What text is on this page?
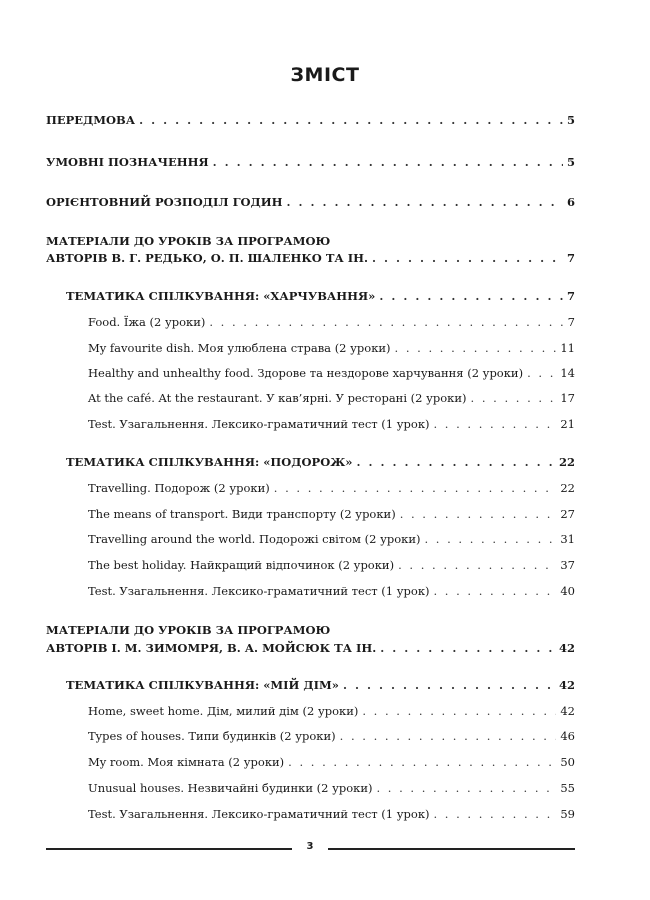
ЗМІСТ
ПЕРЕДМОВА . . .	5
УМОВНІ ПОЗНАЧЕННЯ . . .	5
ОРІЄНТОВНИЙ РОЗПОДІЛ ГОДИН . . .	6
МАТЕРІАЛИ ДО УРОКІВ ЗА ПРОГРАМОЮ
АВТОРІВ В. Г. РЕДЬКО, О. П. ШАЛЕНКО ТА ІН. . . .	7
ТЕМАТИКА СПІЛКУВАННЯ: «ХАРЧУВАННЯ» . . .	7
Food. Їжа (2 уроки) . . .	7
My favourite dish. Моя улюблена страва (2 уроки) . . .	11
Healthy and unhealthy food. Здорове та нездорове харчування (2 уроки) . . .	14
At the café. At the restaurant. У кав’ярні. У ресторані (2 уроки) . . .	17
Test. Узагальнення. Лексико-граматичний тест (1 урок) . . .	21
ТЕМАТИКА СПІЛКУВАННЯ: «ПОДОРОЖ» . . .	22
Travelling. Подорож (2 уроки) . . .	22
The means of transport. Види транспорту (2 уроки) . . .	27
Travelling around the world. Подорожі світом (2 уроки) . . .	31
The best holiday. Найкращий відпочинок (2 уроки) . . .	37
Test. Узагальнення. Лексико-граматичний тест (1 урок) . . .	40
МАТЕРІАЛИ ДО УРОКІВ ЗА ПРОГРАМОЮ
АВТОРІВ І. М. ЗИМОМРЯ, В. А. МОЙСЮК ТА ІН. . . .	42
ТЕМАТИКА СПІЛКУВАННЯ: «МІЙ ДІМ» . . .	42
Home, sweet home. Дім, милий дім (2 уроки) . . .	42
Types of houses. Типи будинків (2 уроки) . . .	46
My room. Моя кімната (2 уроки) . . .	50
Unusual houses. Незвичайні будинки (2 уроки) . . .	55
Test. Узагальнення. Лексико-граматичний тест (1 урок) . . .	59
3
